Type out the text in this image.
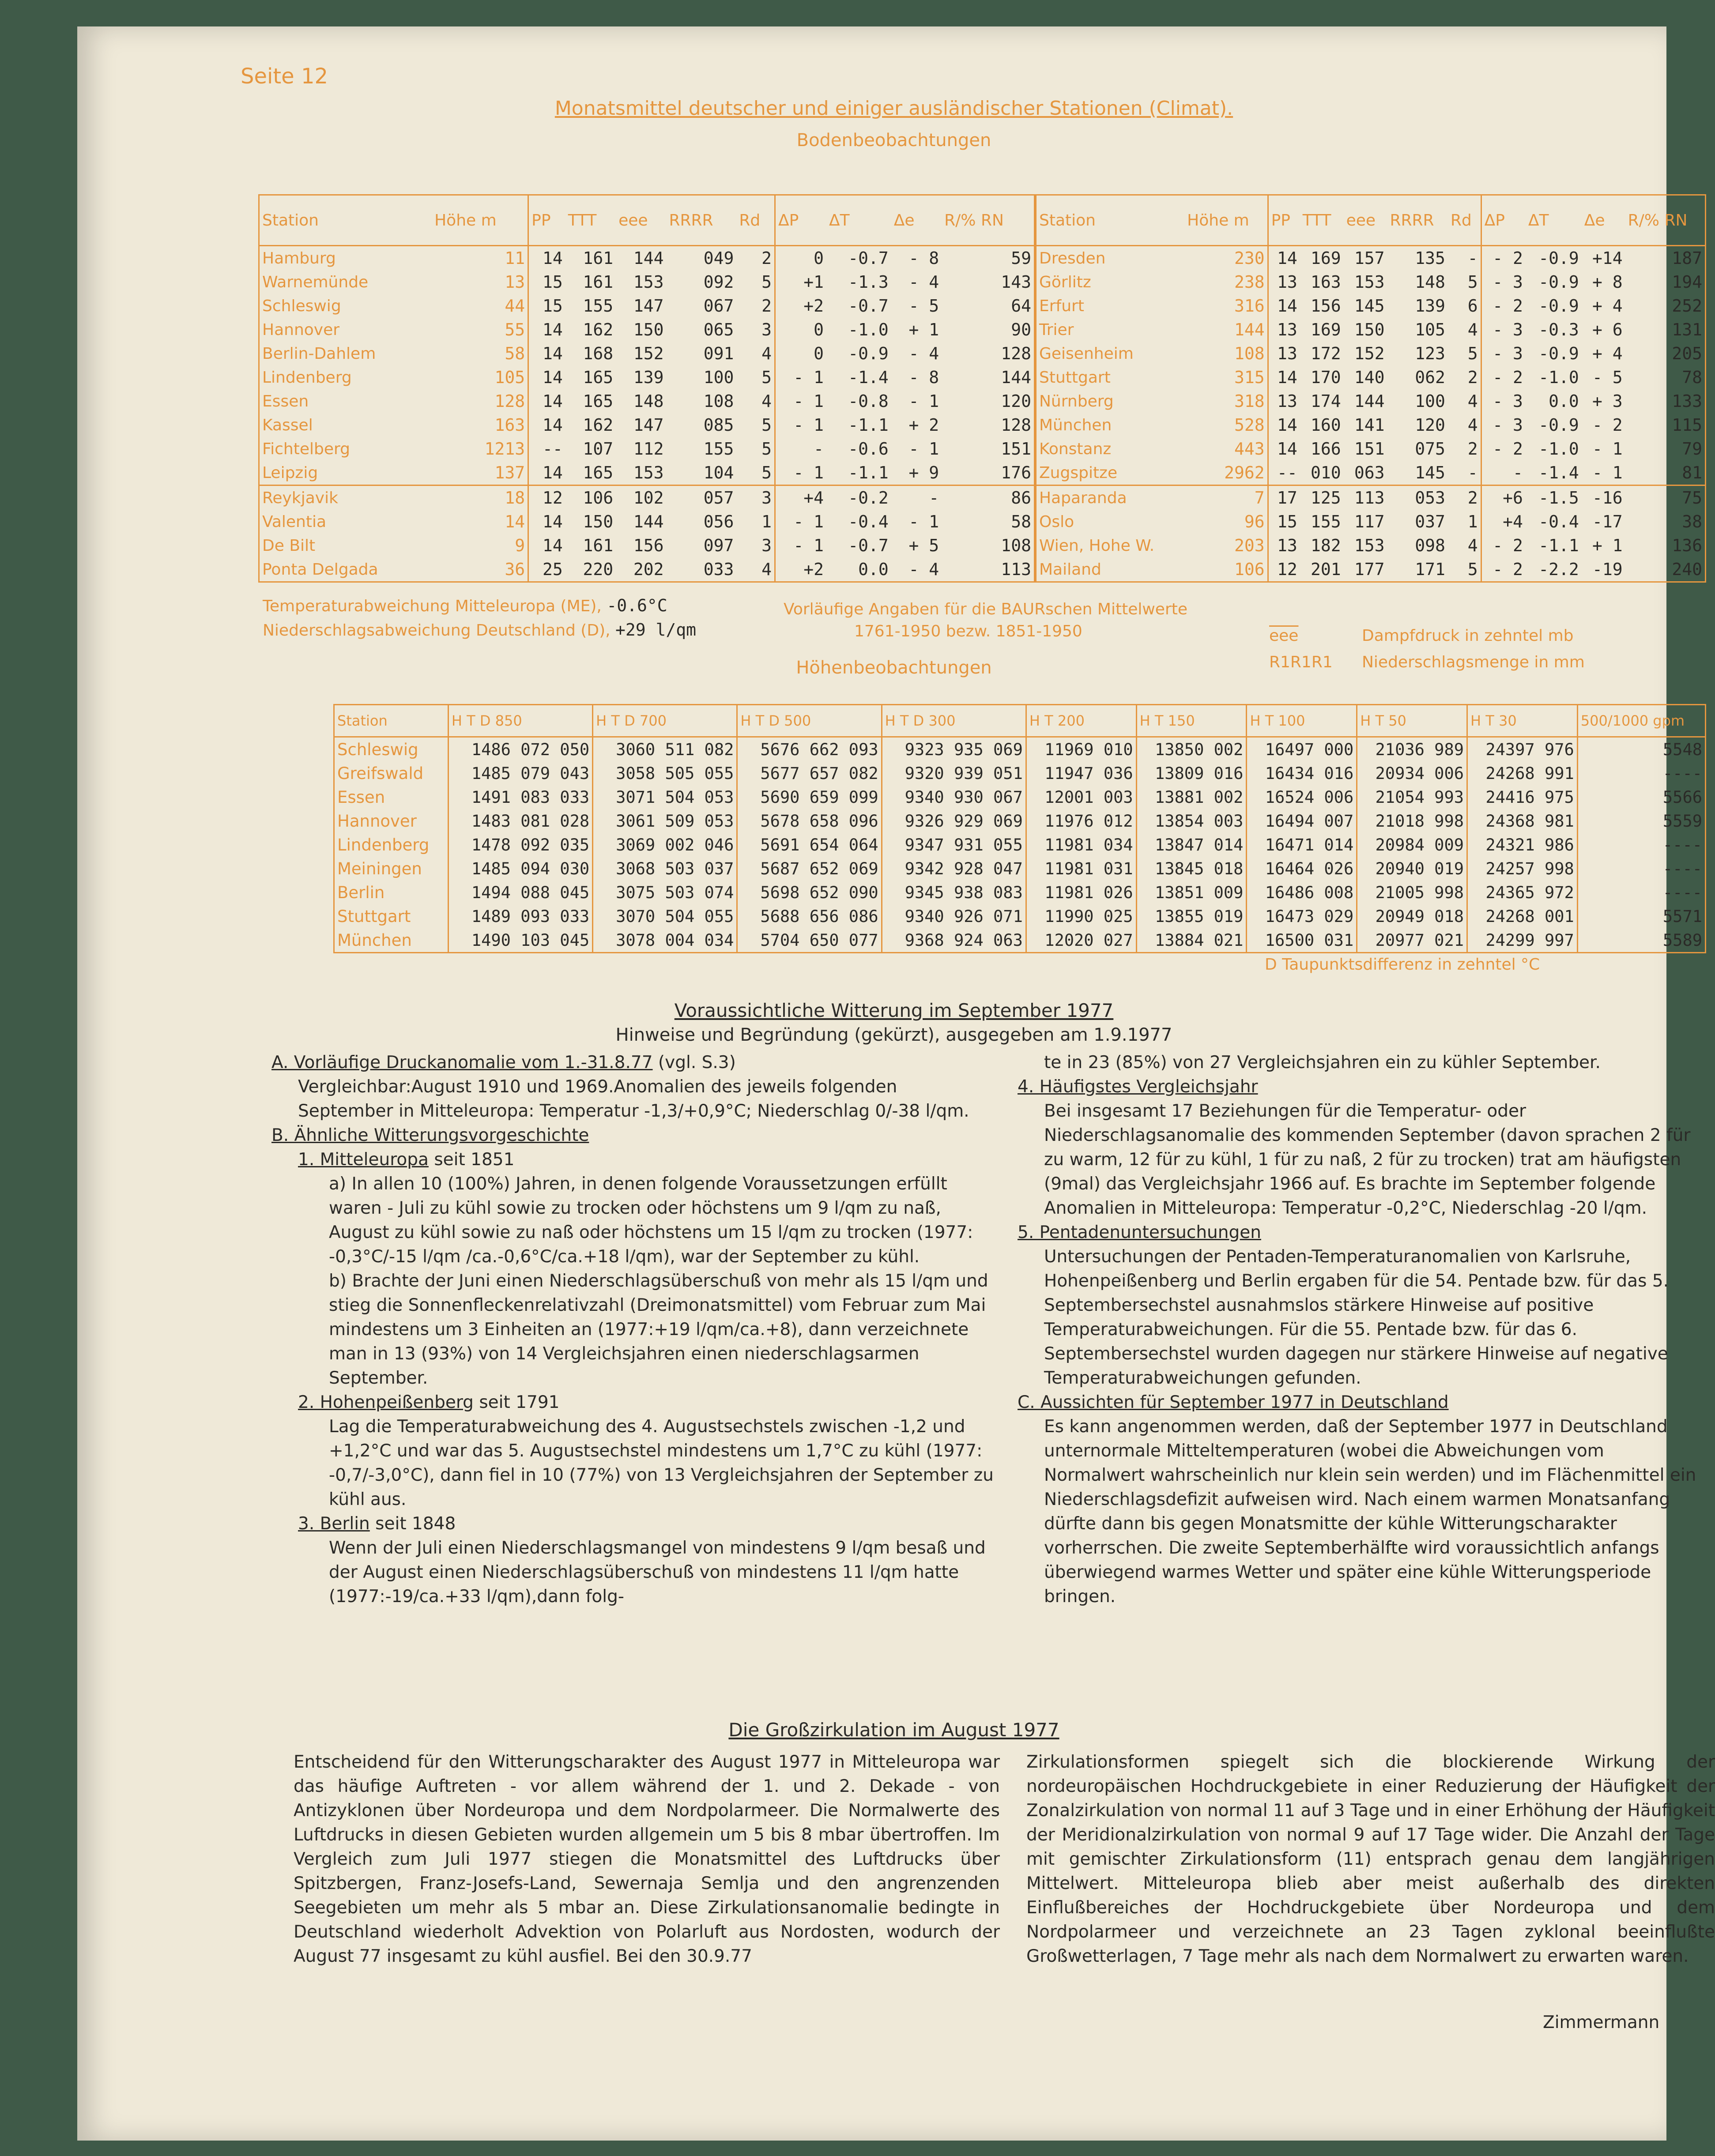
Seite 12
Monatsmittel deutscher und einiger ausländischer Stationen (Climat).
Bodenbeobachtungen
Station	Höhe m	PP	TTT	eee	RRRR	Rd	ΔP	ΔT	Δe	R/% RN
Hamburg	11	14	161	144	049	2	0	-0.7	- 8	59
Warnemünde	13	15	161	153	092	5	+1	-1.3	- 4	143
Schleswig	44	15	155	147	067	2	+2	-0.7	- 5	64
Hannover	55	14	162	150	065	3	0	-1.0	+ 1	90
Berlin-Dahlem	58	14	168	152	091	4	0	-0.9	- 4	128
Lindenberg	105	14	165	139	100	5	- 1	-1.4	- 8	144
Essen	128	14	165	148	108	4	- 1	-0.8	- 1	120
Kassel	163	14	162	147	085	5	- 1	-1.1	+ 2	128
Fichtelberg	1213	--	107	112	155	5	-	-0.6	- 1	151
Leipzig	137	14	165	153	104	5	- 1	-1.1	+ 9	176
Reykjavik	18	12	106	102	057	3	+4	-0.2	-	86
Valentia	14	14	150	144	056	1	- 1	-0.4	- 1	58
De Bilt	9	14	161	156	097	3	- 1	-0.7	+ 5	108
Ponta Delgada	36	25	220	202	033	4	+2	0.0	- 4	113
Station	Höhe m	PP	TTT	eee	RRRR	Rd	ΔP	ΔT	Δe	R/% RN
Dresden	230	14	169	157	135	-	- 2	-0.9	+14	187
Görlitz	238	13	163	153	148	5	- 3	-0.9	+ 8	194
Erfurt	316	14	156	145	139	6	- 2	-0.9	+ 4	252
Trier	144	13	169	150	105	4	- 3	-0.3	+ 6	131
Geisenheim	108	13	172	152	123	5	- 3	-0.9	+ 4	205
Stuttgart	315	14	170	140	062	2	- 2	-1.0	- 5	78
Nürnberg	318	13	174	144	100	4	- 3	0.0	+ 3	133
München	528	14	160	141	120	4	- 3	-0.9	- 2	115
Konstanz	443	14	166	151	075	2	- 2	-1.0	- 1	79
Zugspitze	2962	--	010	063	145	-	-	-1.4	- 1	81
Haparanda	7	17	125	113	053	2	+6	-1.5	-16	75
Oslo	96	15	155	117	037	1	+4	-0.4	-17	38
Wien, Hohe W.	203	13	182	153	098	4	- 2	-1.1	+ 1	136
Mailand	106	12	201	177	171	5	- 2	-2.2	-19	240
Temperaturabweichung Mitteleuropa (ME), -0.6°C
Niederschlagsabweichung Deutschland (D), +29 l/qm
Vorläufige Angaben für die BAURschen Mittelwerte
1761-1950 bezw. 1851-1950	$\overline{eee}$	Dampfdruck in zehntel mb
R1R1R1 Niederschlagsmenge in mm
Höhenbeobachtungen
Station	H T D 850	H T D 700	H T D 500	H T D 300	H T 200	H T 150	H T 100	H T 50	H T 30	500/1000 gpm
Schleswig	1486 072 050	3060 511 082	5676 662 093	9323 935 069	11969 010	13850 002	16497 000	21036 989	24397 976	5548
Greifswald	1485 079 043	3058 505 055	5677 657 082	9320 939 051	11947 036	13809 016	16434 016	20934 006	24268 991	----
Essen	1491 083 033	3071 504 053	5690 659 099	9340 930 067	12001 003	13881 002	16524 006	21054 993	24416 975	5566
Hannover	1483 081 028	3061 509 053	5678 658 096	9326 929 069	11976 012	13854 003	16494 007	21018 998	24368 981	5559
Lindenberg	1478 092 035	3069 002 046	5691 654 064	9347 931 055	11981 034	13847 014	16471 014	20984 009	24321 986	----
Meiningen	1485 094 030	3068 503 037	5687 652 069	9342 928 047	11981 031	13845 018	16464 026	20940 019	24257 998	----
Berlin	1494 088 045	3075 503 074	5698 652 090	9345 938 083	11981 026	13851 009	16486 008	21005 998	24365 972	----
Stuttgart	1489 093 033	3070 504 055	5688 656 086	9340 926 071	11990 025	13855 019	16473 029	20949 018	24268 001	5571
München	1490 103 045	3078 004 034	5704 650 077	9368 924 063	12020 027	13884 021	16500 031	20977 021	24299 997	5589
D Taupunktsdifferenz in zehntel °C
Voraussichtliche Witterung im September 1977
Hinweise und Begründung (gekürzt), ausgegeben am 1.9.1977

A. Vorläufige Druckanomalie vom 1.-31.8.77 (vgl. S.3)

Vergleichbar:August 1910 und 1969.Anomalien des jeweils folgenden September in Mitteleuropa: Temperatur -1,3/+0,9°C; Niederschlag 0/-38 l/qm.

B. Ähnliche Witterungsvorgeschichte

1. Mitteleuropa seit 1851

a) In allen 10 (100%) Jahren, in denen folgende Voraussetzungen erfüllt waren - Juli zu kühl sowie zu trocken oder höchstens um 9 l/qm zu naß, August zu kühl sowie zu naß oder höchstens um 15 l/qm zu trocken (1977: -0,3°C/-15 l/qm /ca.-0,6°C/ca.+18 l/qm), war der September zu kühl.

b) Brachte der Juni einen Niederschlagsüberschuß von mehr als 15 l/qm und stieg die Sonnenfleckenrelativzahl (Dreimonatsmittel) vom Februar zum Mai mindestens um 3 Einheiten an (1977:+19 l/qm/ca.+8), dann verzeichnete man in 13 (93%) von 14 Vergleichsjahren einen niederschlagsarmen September.

2. Hohenpeißenberg seit 1791

Lag die Temperaturabweichung des 4. Augustsechstels zwischen -1,2 und +1,2°C und war das 5. Augustsechstel mindestens um 1,7°C zu kühl (1977: -0,7/-3,0°C), dann fiel in 10 (77%) von 13 Vergleichsjahren der September zu kühl aus.

3. Berlin seit 1848

Wenn der Juli einen Niederschlagsmangel von mindestens 9 l/qm besaß und der August einen Niederschlagsüberschuß von mindestens 11 l/qm hatte (1977:-19/ca.+33 l/qm),dann folg-

te in 23 (85%) von 27 Vergleichsjahren ein zu kühler September.

4. Häufigstes Vergleichsjahr

Bei insgesamt 17 Beziehungen für die Temperatur- oder Niederschlagsanomalie des kommenden September (davon sprachen 2 für zu warm, 12 für zu kühl, 1 für zu naß, 2 für zu trocken) trat am häufigsten (9mal) das Vergleichsjahr 1966 auf. Es brachte im September folgende Anomalien in Mitteleuropa: Temperatur -0,2°C, Niederschlag -20 l/qm.

5. Pentadenuntersuchungen

Untersuchungen der Pentaden-Temperaturanomalien von Karlsruhe, Hohenpeißenberg und Berlin ergaben für die 54. Pentade bzw. für das 5. Septembersechstel ausnahmslos stärkere Hinweise auf positive Temperaturabweichungen. Für die 55. Pentade bzw. für das 6. Septembersechstel wurden dagegen nur stärkere Hinweise auf negative Temperaturabweichungen gefunden.

C. Aussichten für September 1977 in Deutschland

Es kann angenommen werden, daß der September 1977 in Deutschland unternormale Mitteltemperaturen (wobei die Abweichungen vom Normalwert wahrscheinlich nur klein sein werden) und im Flächenmittel ein Niederschlagsdefizit aufweisen wird. Nach einem warmen Monatsanfang dürfte dann bis gegen Monatsmitte der kühle Witterungscharakter vorherrschen. Die zweite Septemberhälfte wird voraussichtlich anfangs überwiegend warmes Wetter und später eine kühle Witterungsperiode bringen.

Die Großzirkulation im August 1977

Entscheidend für den Witterungscharakter des August 1977 in Mitteleuropa war das häufige Auftreten - vor allem während der 1. und 2. Dekade - von Antizyklonen über Nordeuropa und dem Nordpolarmeer. Die Normalwerte des Luftdrucks in diesen Gebieten wurden allgemein um 5 bis 8 mbar übertroffen. Im Vergleich zum Juli 1977 stiegen die Monatsmittel des Luftdrucks über Spitzbergen, Franz-Josefs-Land, Sewernaja Semlja und den angrenzenden Seegebieten um mehr als 5 mbar an. Diese Zirkulationsanomalie bedingte in Deutschland wiederholt Advektion von Polarluft aus Nordosten, wodurch der August 77 insgesamt zu kühl ausfiel. Bei den 30.9.77

Zirkulationsformen spiegelt sich die blockierende Wirkung der nordeuropäischen Hochdruckgebiete in einer Reduzierung der Häufigkeit der Zonalzirkulation von normal 11 auf 3 Tage und in einer Erhöhung der Häufigkeit der Meridionalzirkulation von normal 9 auf 17 Tage wider. Die Anzahl der Tage mit gemischter Zirkulationsform (11) entsprach genau dem langjährigen Mittelwert. Mitteleuropa blieb aber meist außerhalb des direkten Einflußbereiches der Hochdruckgebiete über Nordeuropa und dem Nordpolarmeer und verzeichnete an 23 Tagen zyklonal beeinflußte Großwetterlagen, 7 Tage mehr als nach dem Normalwert zu erwarten waren.

Zimmermann
